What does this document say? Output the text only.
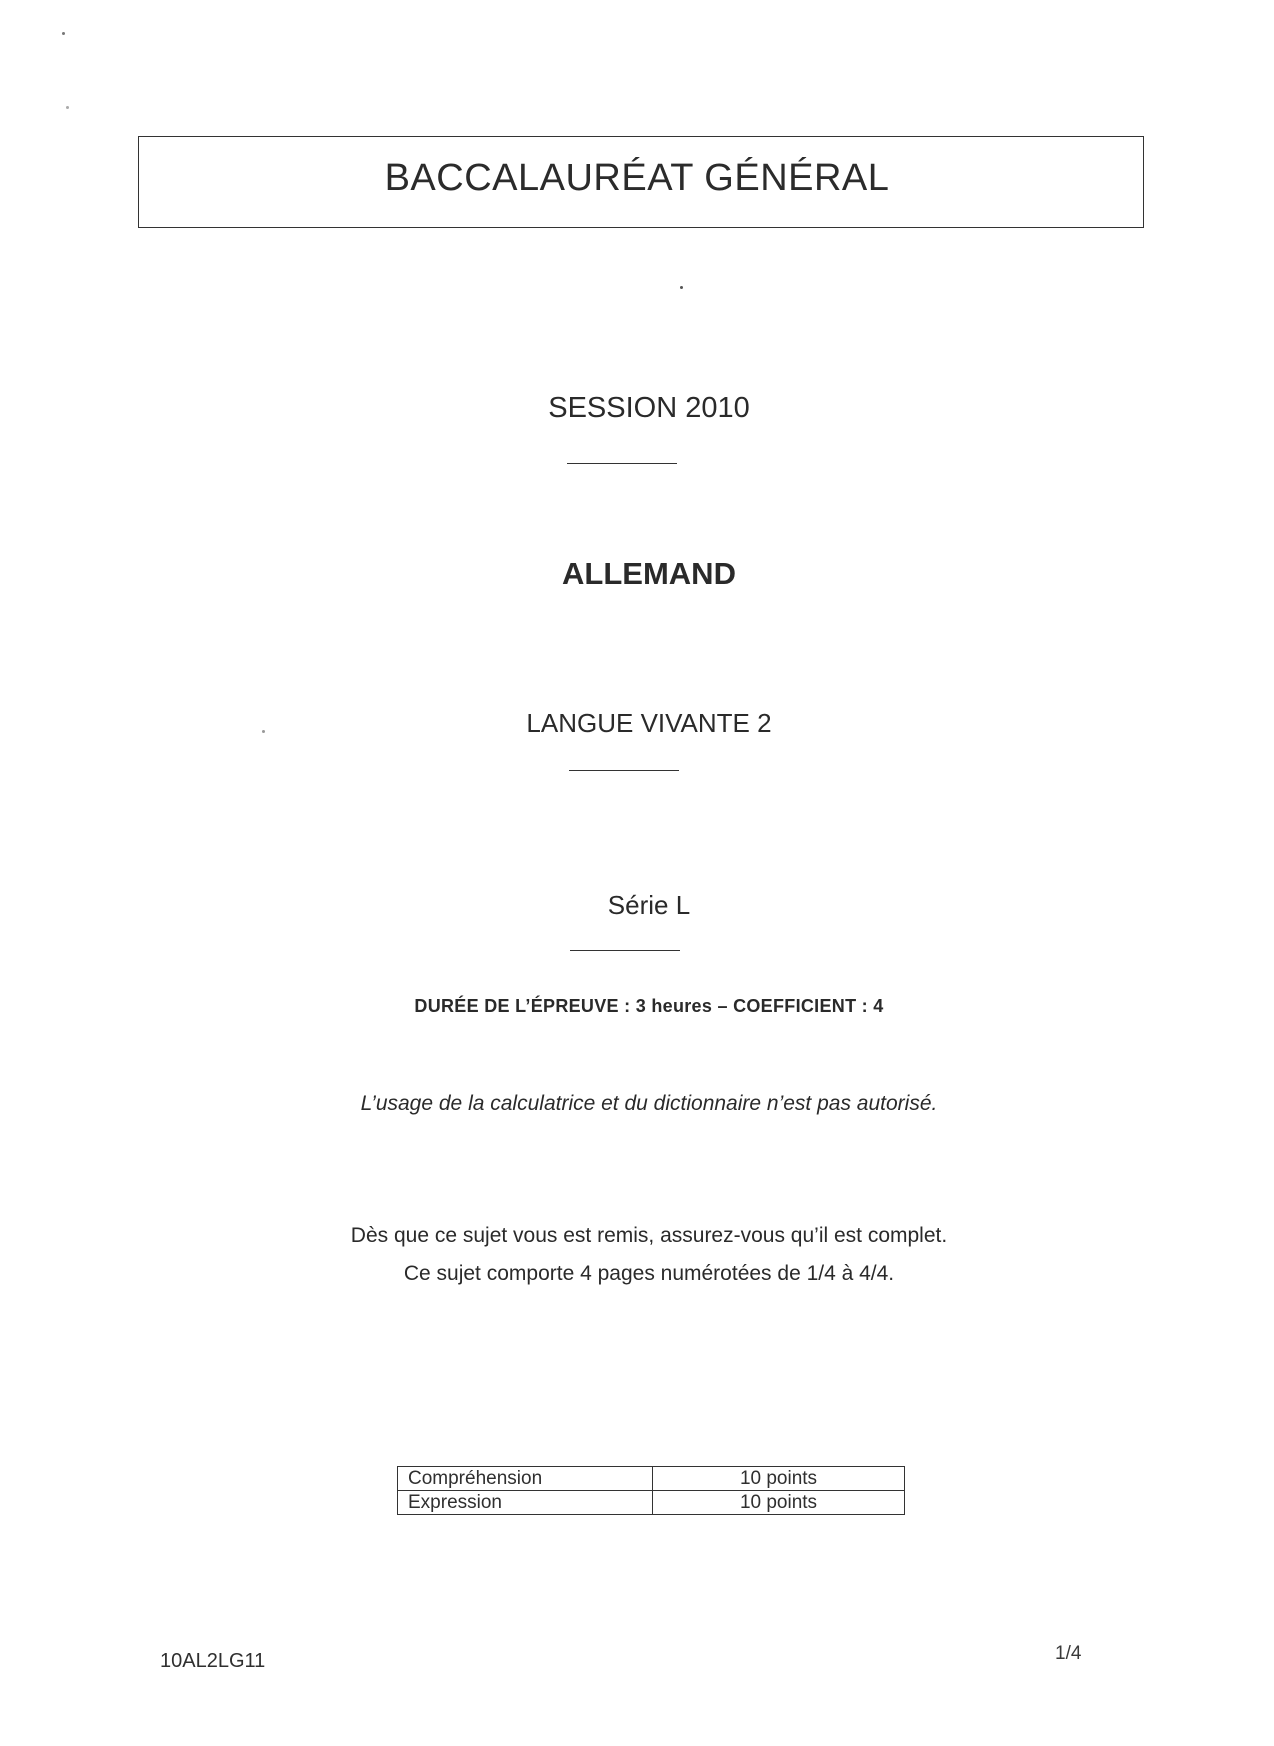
BACCALAURÉAT GÉNÉRAL
SESSION 2010
ALLEMAND
LANGUE VIVANTE 2
Série L
DURÉE DE L’ÉPREUVE : 3 heures – COEFFICIENT : 4
L’usage de la calculatrice et du dictionnaire n’est pas autorisé.
Dès que ce sujet vous est remis, assurez-vous qu’il est complet.
Ce sujet comporte 4 pages numérotées de 1/4 à 4/4.
Compréhension	10 points
Expression	10 points
10AL2LG11	1/4
